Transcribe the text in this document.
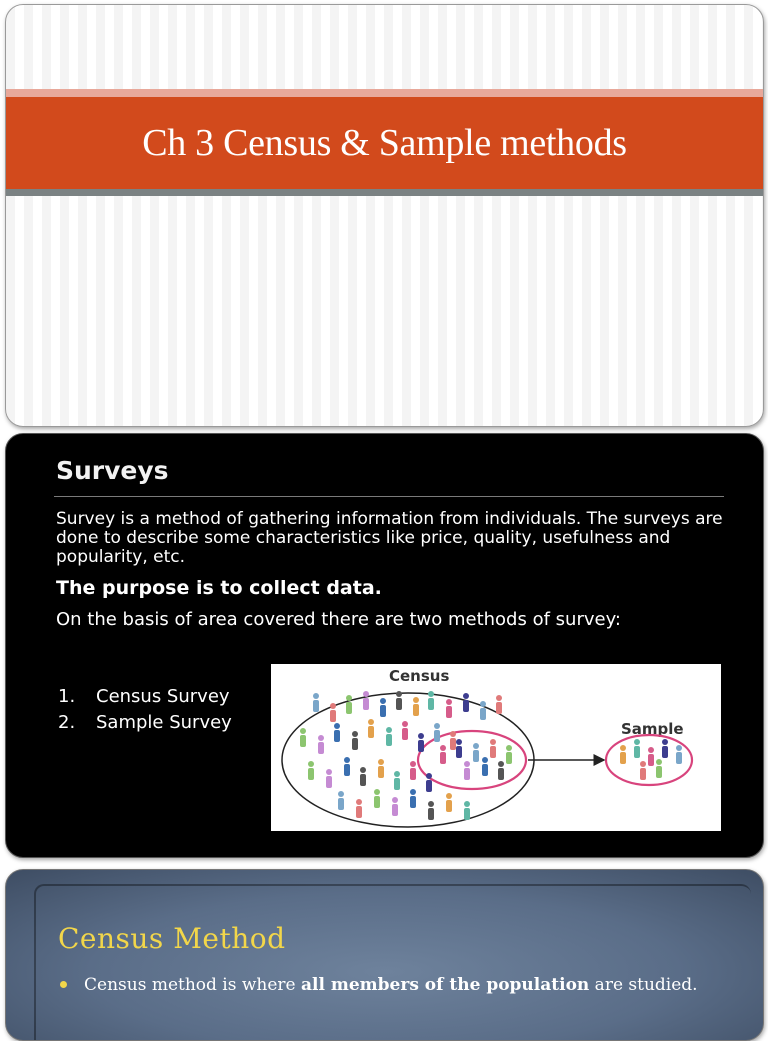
Ch 3 Census & Sample methods
Surveys

Survey is a method of gathering information from individuals. The surveys are done to describe some characteristics like price, quality, usefulness and popularity, etc.

The purpose is to collect data.

On the basis of area covered there are two methods of survey:

1. Census Survey
2. Sample Survey
Census
Sample
Census Method
Census method is where all members of the population are studied.
